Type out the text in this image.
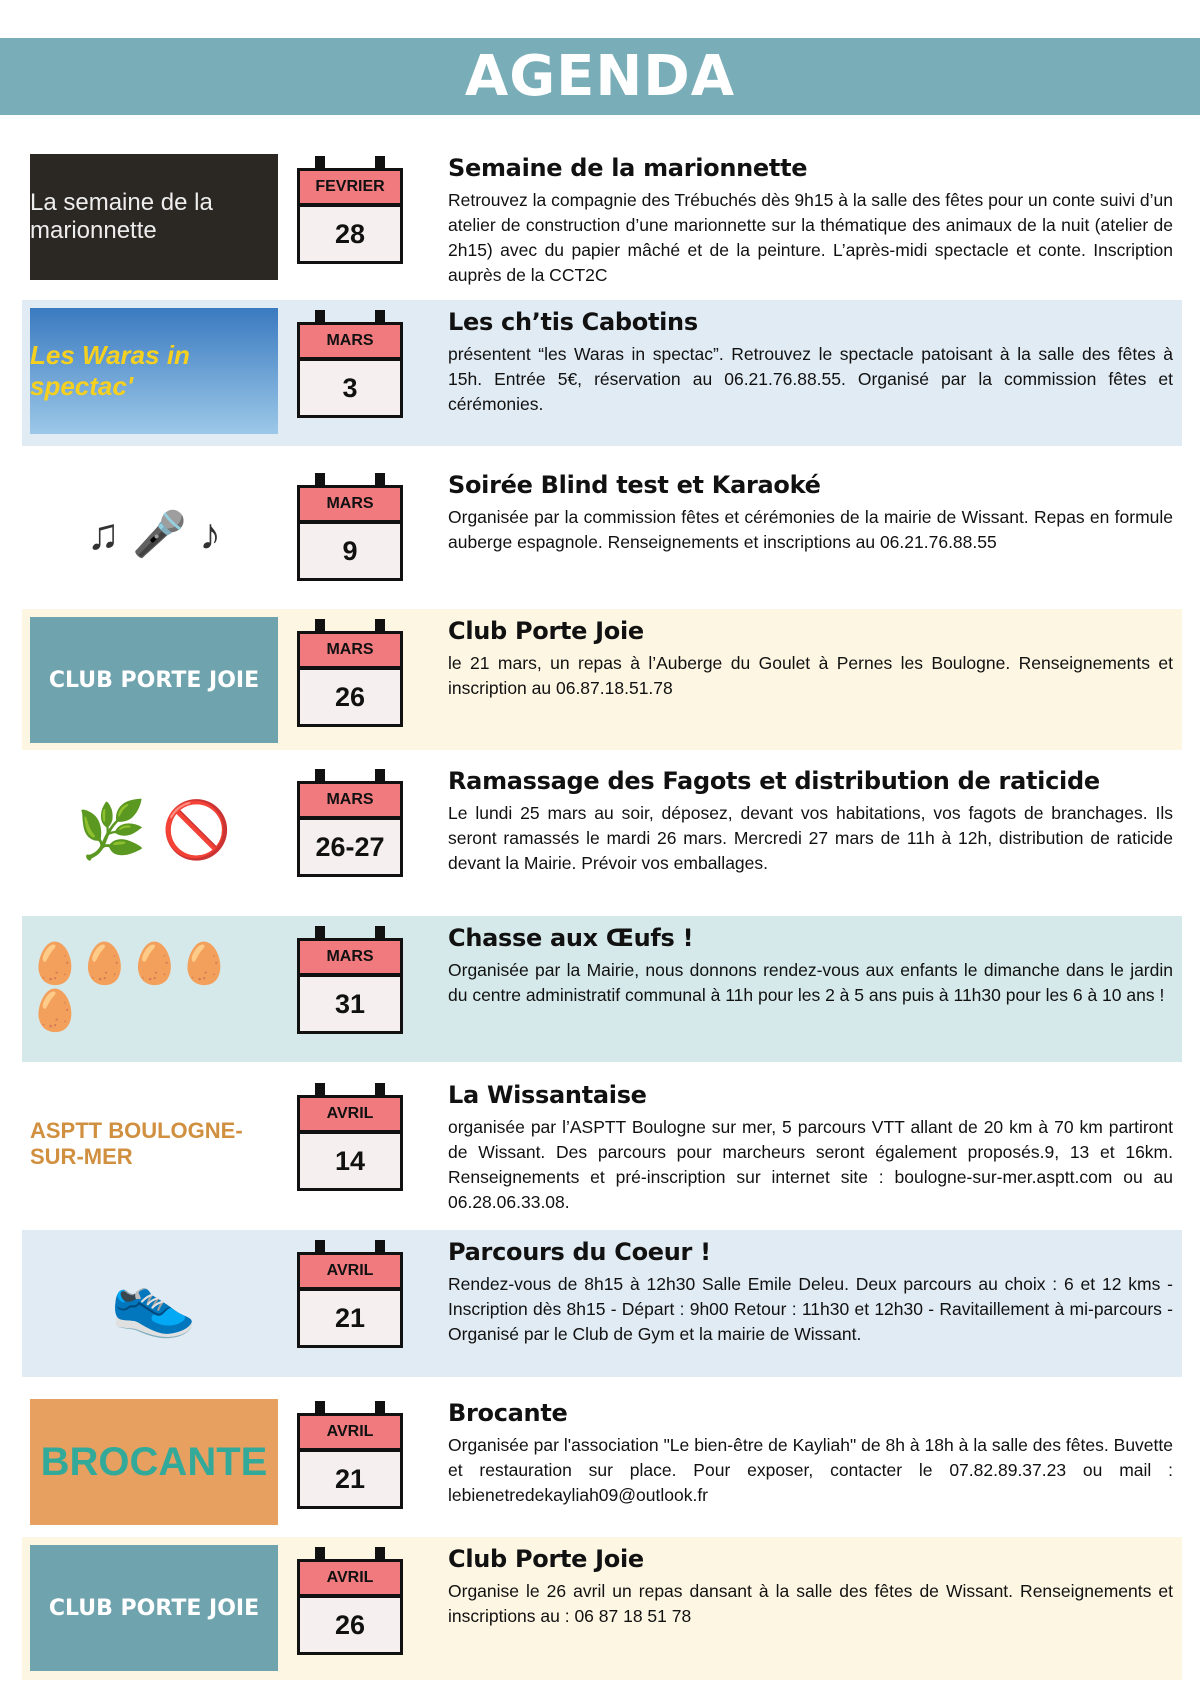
AGENDA
La semaine de la marionnette
FEVRIER
28
Semaine de la marionnette

Retrouvez la compagnie des Trébuchés dès 9h15 à la salle des fêtes pour un conte suivi d’un atelier de construction d’une marionnette sur la thématique des animaux de la nuit (atelier de 2h15) avec du papier mâché et de la peinture. L’après-midi spectacle et conte. Inscription auprès de la CCT2C

Les Waras in spectac'
MARS
3
Les ch’tis Cabotins

présentent “les Waras in spectac”. Retrouvez le spectacle patoisant à la salle des fêtes à 15h. Entrée 5€, réservation au 06.21.76.88.55. Organisé par la commission fêtes et cérémonies.

♫ 🎤 ♪
MARS
9
Soirée Blind test et Karaoké

Organisée par la commission fêtes et cérémonies de la mairie de Wissant. Repas en formule auberge espagnole. Renseignements et inscriptions au 06.21.76.88.55

CLUB PORTE JOIE
MARS
26
Club Porte Joie

le 21 mars, un repas à l’Auberge du Goulet à Pernes les Boulogne. Renseignements et inscription au 06.87.18.51.78

🌿 🚫	MARS
26-27
Ramassage des Fagots et distribution de raticide

Le lundi 25 mars au soir, déposez, devant vos habitations, vos fagots de branchages. Ils seront ramassés le mardi 26 mars. Mercredi 27 mars de 11h à 12h, distribution de raticide devant la Mairie. Prévoir vos emballages.

🥚🥚🥚🥚🥚
MARS
31
Chasse aux Œufs !

Organisée par la Mairie, nous donnons rendez-vous aux enfants le dimanche dans le jardin du centre administratif communal à 11h pour les 2 à 5 ans puis à 11h30 pour les 6 à 10 ans !

ASPTT BOULOGNE-SUR-MER
AVRIL
14
La Wissantaise

organisée par l’ASPTT Boulogne sur mer, 5 parcours VTT allant de 20 km à 70 km partiront de Wissant. Des parcours pour marcheurs seront également proposés.9, 13 et 16km. Renseignements et pré-inscription sur internet site : boulogne-sur-mer.asptt.com ou au 06.28.06.33.08.

👟	AVRIL
21
Parcours du Coeur !

Rendez-vous de 8h15 à 12h30 Salle Emile Deleu. Deux parcours au choix : 6 et 12 kms - Inscription dès 8h15 - Départ : 9h00 Retour : 11h30 et 12h30 - Ravitaillement à mi-parcours - Organisé par le Club de Gym et la mairie de Wissant.

BROCANTE
AVRIL
21
Brocante

Organisée par l'association "Le bien-être de Kayliah" de 8h à 18h à la salle des fêtes. Buvette et restauration sur place. Pour exposer, contacter le 07.82.89.37.23 ou mail : lebienetredekayliah09@outlook.fr

CLUB PORTE JOIE
AVRIL
26
Club Porte Joie

Organise le 26 avril un repas dansant à la salle des fêtes de Wissant. Renseignements et inscriptions au : 06 87 18 51 78
